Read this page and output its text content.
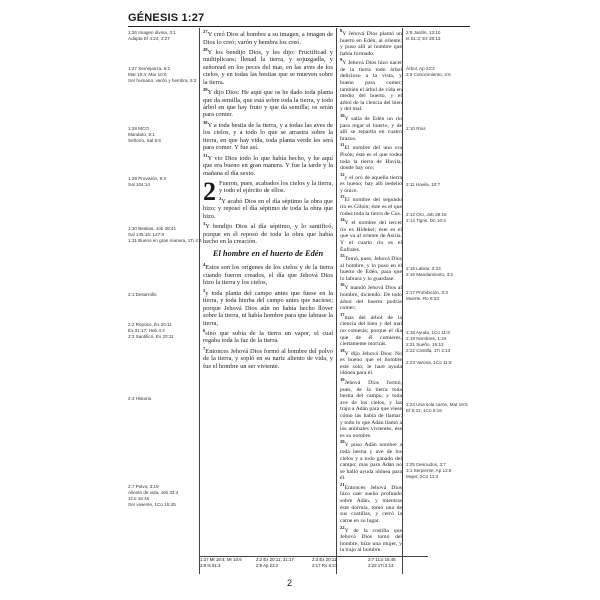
GÉNESIS 1:27
1:26 Imagen divina, 3:1
Adapta Ef 4:24; 2:27
1:27 Semejanza, 5:1
Mat 19:4; Mar 10:6
Ser humano, varón y hembra, 5:2
1:28 MCO
Mandato, 9:1
Señorío, Sal 8:6
1:29 Provisión, 9:3
Sal 104:14
1:30 Bestias, Job 38:41
Sal 145:15; 147:9
1:31 Bueno en gran manera, 1Ti 4:4
2:1 Desarrollo
2:2 Reposo, Éx 20:11
Éx 31:17; Heb 4:4
2:3 Santificó, Éx 20:11
2:4 Historia
2:7 Polvo, 3:19
Aliento de vida, Job 33:4
1Co 15:45
Ser viviente, 1Co 15:45
2:8 Jardín, 13:10
Is 51:3; Ez 28:13
Árbol, Ap 22:2
2:9 Conocimiento, 3:5
2:10 Ríos
2:11 Havila, 10:7
2:12 Oro, Job 28:16
2:14 Tigris, Dn 10:4
2:15 Labrar, 3:23
2:16 Mandamiento, 3:2
2:17 Prohibición, 3:3
Muerte, Ro 6:23
2:18 Ayuda, 1Co 11:9
2:19 Nombres, 1:24
2:21 Sueño, 15:12
2:22 Costilla, 1Ti 2:13
2:23 Varona, 1Co 11:8
2:24 Una sola carne, Mat 19:5
Ef 5:31; 1Co 6:16
2:25 Desnudos, 3:7
3:1 Serpiente, Ap 12:9
Mujer, 2Co 11:3

$^{27}$Y creó Dios al hombre a su imagen, a imagen de Dios lo creó; varón y hembra los creó.

$^{28}$Y los bendijo Dios, y les dijo: Fructificad y multiplicaos; llenad la tierra, y sojuzgadla, y señoread en los peces del mar, en las aves de los cielos, y en todas las bestias que se mueven sobre la tierra.

$^{29}$Y dijo Dios: He aquí que os he dado toda planta que da semilla, que está sobre toda la tierra, y todo árbol en que hay fruto y que da semilla; os serán para comer.

$^{30}$Y a toda bestia de la tierra, y a todas las aves de los cielos, y a todo lo que se arrastra sobre la tierra, en que hay vida, toda planta verde les será para comer. Y fue así.

$^{31}$Y vio Dios todo lo que había hecho, y he aquí que era bueno en gran manera. Y fue la tarde y la mañana el día sexto.

2 Fueron, pues, acabados los cielos y la tierra, y todo el ejército de ellos.

$^2$Y acabó Dios en el día séptimo la obra que hizo; y reposó el día séptimo de toda la obra que hizo.

$^3$Y bendijo Dios al día séptimo, y lo santificó, porque en él reposó de toda la obra que había hecho en la creación.

El hombre en el huerto de Edén

$^4$Estos son los orígenes de los cielos y de la tierra cuando fueron creados, el día que Jehová Dios hizo la tierra y los cielos,

$^5$y toda planta del campo antes que fuese en la tierra, y toda hierba del campo antes que naciese; porque Jehová Dios aún no había hecho llover sobre la tierra, ni había hombre para que labrase la tierra,

$^6$sino que subía de la tierra un vapor, el cual regaba toda la faz de la tierra.

$^7$Entonces Jehová Dios formó al hombre del polvo de la tierra, y sopló en su nariz aliento de vida, y fue el hombre un ser viviente.

1:27 Mt 19:4; Mr 10:6	2:2 Éx 20:11; 31:17	2:3 Éx 20:11	2:7 1Co 15:45
2:8 Is 51:3	2:9 Ap 22:2	2:17 Ro 6:23	2:22 1Ti 2:13
2

$^8$Y Jehová Dios plantó un huerto en Edén, al oriente; y puso allí al hombre que había formado.

$^9$Y Jehová Dios hizo nacer de la tierra todo árbol delicioso a la vista, y bueno para comer; también el árbol de vida en medio del huerto, y el árbol de la ciencia del bien y del mal.

$^{10}$Y salía de Edén un río para regar el huerto, y de allí se repartía en cuatro brazos.

$^{11}$El nombre del uno era Pisón; éste es el que rodea toda la tierra de Havila, donde hay oro;

$^{12}$y el oro de aquella tierra es bueno; hay allí bedelio y ónice.

$^{13}$El nombre del segundo río es Gihón; éste es el que rodea toda la tierra de Cus.

$^{14}$Y el nombre del tercer río es Hidekel; éste es el que va al oriente de Asiria. Y el cuarto río es el Éufrates.

$^{15}$Tomó, pues, Jehová Dios al hombre, y lo puso en el huerto de Edén, para que lo labrara y lo guardase.

$^{16}$Y mandó Jehová Dios al hombre, diciendo: De todo árbol del huerto podrás comer;

$^{17}$mas del árbol de la ciencia del bien y del mal no comerás; porque el día que de él comieres, ciertamente morirás.

$^{18}$Y dijo Jehová Dios: No es bueno que el hombre esté solo; le haré ayuda idónea para él.

$^{19}$Jehová Dios formó, pues, de la tierra toda bestia del campo, y toda ave de los cielos, y las trajo a Adán para que viese cómo las había de llamar; y todo lo que Adán llamó a los animales vivientes, ése es su nombre.

$^{20}$Y puso Adán nombre a toda bestia y ave de los cielos y a todo ganado del campo; mas para Adán no se halló ayuda idónea para él.

$^{21}$Entonces Jehová Dios hizo caer sueño profundo sobre Adán, y mientras éste dormía, tomó una de sus costillas, y cerró la carne en su lugar.

$^{22}$Y de la costilla que Jehová Dios tomó del hombre, hizo una mujer, y la trajo al hombre.
